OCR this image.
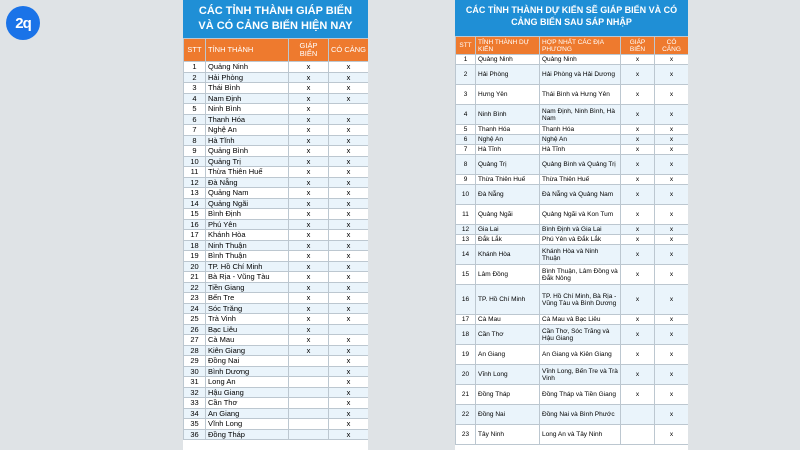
2q
CÁC TỈNH THÀNH GIÁP BIỂN
VÀ CÓ CẢNG BIỂN HIỆN NAY
STT	TỈNH THÀNH	GIÁP BIỂN	CÓ CẢNG
1	Quảng Ninh	x	x
2	Hải Phòng	x	x
3	Thái Bình	x	x
4	Nam Định	x	x
5	Ninh Bình	x	
6	Thanh Hóa	x	x
7	Nghệ An	x	x
8	Hà Tĩnh	x	x
9	Quảng Bình	x	x
10	Quảng Trị	x	x
11	Thừa Thiên Huế	x	x
12	Đà Nẵng	x	x
13	Quảng Nam	x	x
14	Quảng Ngãi	x	x
15	Bình Định	x	x
16	Phú Yên	x	x
17	Khánh Hòa	x	x
18	Ninh Thuận	x	x
19	Bình Thuận	x	x
20	TP. Hồ Chí Minh	x	x
21	Bà Rịa - Vũng Tàu	x	x
22	Tiền Giang	x	x
23	Bến Tre	x	x
24	Sóc Trăng	x	x
25	Trà Vinh	x	x
26	Bạc Liêu	x	
27	Cà Mau	x	x
28	Kiên Giang	x	x
29	Đồng Nai		x
30	Bình Dương		x
31	Long An		x
32	Hậu Giang		x
33	Cần Thơ		x
34	An Giang		x
35	Vĩnh Long		x
36	Đồng Tháp		x
CÁC TỈNH THÀNH DỰ KIẾN SẼ GIÁP BIỂN VÀ CÓ
CẢNG BIỂN SAU SÁP NHẬP
STT	TỈNH THÀNH DỰ KIẾN	HỢP NHẤT CÁC ĐỊA PHƯƠNG	GIÁP BIỂN	CÓ CẢNG
1	Quảng Ninh	Quảng Ninh	x	x
2	Hải Phòng	Hải Phòng và Hải Dương	x	x
3	Hưng Yên	Thái Bình và Hưng Yên	x	x
4	Ninh Bình	Nam Định, Ninh Bình, Hà Nam	x	x
5	Thanh Hóa	Thanh Hóa	x	x
6	Nghệ An	Nghệ An	x	x
7	Hà Tĩnh	Hà Tĩnh	x	x
8	Quảng Trị	Quảng Bình và Quảng Trị	x	x
9	Thừa Thiên Huế	Thừa Thiên Huế	x	x
10	Đà Nẵng	Đà Nẵng và Quảng Nam	x	x
11	Quảng Ngãi	Quảng Ngãi và Kon Tum	x	x
12	Gia Lai	Bình Định và Gia Lai	x	x
13	Đắk Lắk	Phú Yên và Đắk Lắk	x	x
14	Khánh Hòa	Khánh Hòa và Ninh Thuận	x	x
15	Lâm Đồng	Bình Thuận, Lâm Đồng và Đắk Nông	x	x
16	TP. Hồ Chí Minh	TP. Hồ Chí Minh, Bà Rịa - Vũng Tàu và Bình Dương	x	x
17	Cà Mau	Cà Mau và Bạc Liêu	x	x
18	Cần Thơ	Cần Thơ, Sóc Trăng và Hậu Giang	x	x
19	An Giang	An Giang và Kiên Giang	x	x
20	Vĩnh Long	Vĩnh Long, Bến Tre và Trà Vinh	x	x
21	Đồng Tháp	Đồng Tháp và Tiền Giang	x	x
22	Đồng Nai	Đồng Nai và Bình Phước		x
23	Tây Ninh	Long An và Tây Ninh		x
